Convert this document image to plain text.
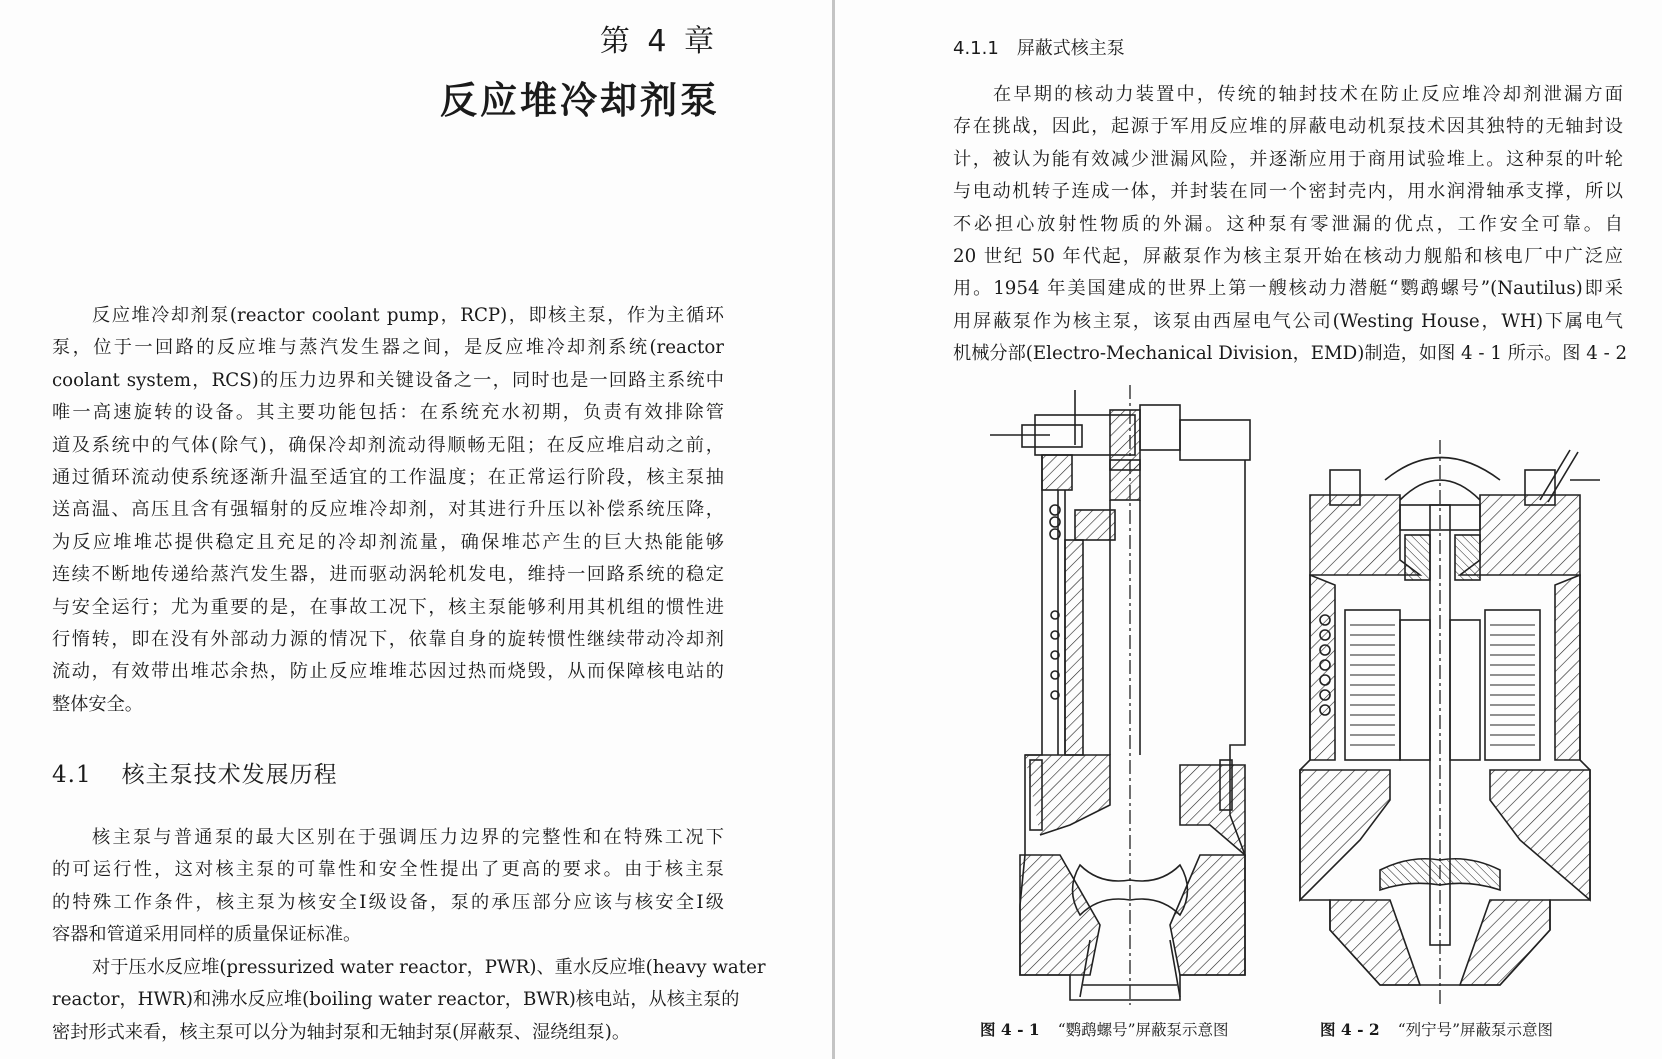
第 4 章
反应堆冷却剂泵
反应堆冷却剂泵(reactor coolant pump，RCP)，即核主泵，作为主循环
泵，位于一回路的反应堆与蒸汽发生器之间，是反应堆冷却剂系统(reactor
coolant system，RCS)的压力边界和关键设备之一，同时也是一回路主系统中
唯一高速旋转的设备。其主要功能包括：在系统充水初期，负责有效排除管
道及系统中的气体(除气)，确保冷却剂流动得顺畅无阻；在反应堆启动之前，
通过循环流动使系统逐渐升温至适宜的工作温度；在正常运行阶段，核主泵抽
送高温、高压且含有强辐射的反应堆冷却剂，对其进行升压以补偿系统压降，
为反应堆堆芯提供稳定且充足的冷却剂流量，确保堆芯产生的巨大热能能够
连续不断地传递给蒸汽发生器，进而驱动涡轮机发电，维持一回路系统的稳定
与安全运行；尤为重要的是，在事故工况下，核主泵能够利用其机组的惯性进
行惰转，即在没有外部动力源的情况下，依靠自身的旋转惯性继续带动冷却剂
流动，有效带出堆芯余热，防止反应堆堆芯因过热而烧毁，从而保障核电站的
整体安全。
4.1 核主泵技术发展历程
核主泵与普通泵的最大区别在于强调压力边界的完整性和在特殊工况下
的可运行性，这对核主泵的可靠性和安全性提出了更高的要求。由于核主泵
的特殊工作条件，核主泵为核安全Ⅰ级设备，泵的承压部分应该与核安全Ⅰ级
容器和管道采用同样的质量保证标准。
对于压水反应堆(pressurized water reactor，PWR)、重水反应堆(heavy water
reactor，HWR)和沸水反应堆(boiling water reactor，BWR)核电站，从核主泵的
密封形式来看，核主泵可以分为轴封泵和无轴封泵(屏蔽泵、湿绕组泵)。
4.1.1 屏蔽式核主泵
在早期的核动力装置中，传统的轴封技术在防止反应堆冷却剂泄漏方面
存在挑战，因此，起源于军用反应堆的屏蔽电动机泵技术因其独特的无轴封设
计，被认为能有效减少泄漏风险，并逐渐应用于商用试验堆上。这种泵的叶轮
与电动机转子连成一体，并封装在同一个密封壳内，用水润滑轴承支撑，所以
不必担心放射性物质的外漏。这种泵有零泄漏的优点，工作安全可靠。自
20 世纪 50 年代起，屏蔽泵作为核主泵开始在核动力舰船和核电厂中广泛应
用。1954 年美国建成的世界上第一艘核动力潜艇“鹦鹉螺号”(Nautilus)即采
用屏蔽泵作为核主泵，该泵由西屋电气公司(Westing House，WH)下属电气
机械分部(Electro-Mechanical Division，EMD)制造，如图 4 - 1 所示。图 4 - 2
图 4 - 1 “鹦鹉螺号”屏蔽泵示意图	图 4 - 2 “列宁号”屏蔽泵示意图
